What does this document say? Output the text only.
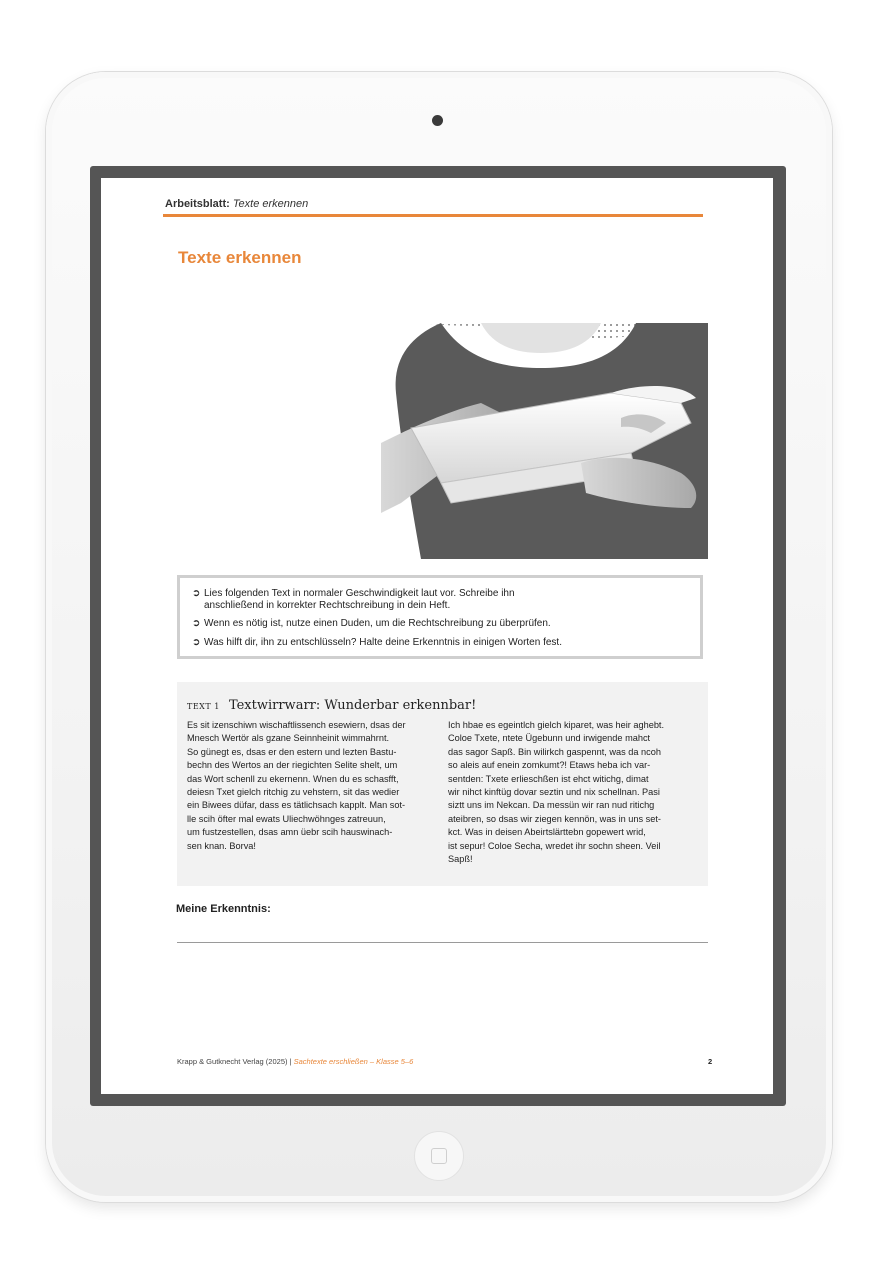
Arbeitsblatt: Texte erkennen
Texte erkennen
➲ Lies folgenden Text in normaler Geschwindigkeit laut vor. Schreibe ihn
anschließend in korrekter Rechtschreibung in dein Heft.
➲ Wenn es nötig ist, nutze einen Duden, um die Rechtschreibung zu überprüfen.
➲ Was hilft dir, ihn zu entschlüsseln? Halte deine Erkenntnis in einigen Worten fest.
TEXT 1 Textwirrwarr: Wunderbar erkennbar!
Es sit izenschiwn wischaftlissench esewiern, dsas der
Mnesch Wertör als gzane Seinnheinit wimmahrnt.
So günegt es, dsas er den estern und lezten Bastu-
bechn des Wertos an der riegichten Selite shelt, um
das Wort schenll zu ekernenn. Wnen du es schasfft,
deiesn Txet gielch ritchig zu vehstern, sit das wedier
ein Biwees düfar, dass es tätlichsach kapplt. Man sot-
lle scih öfter mal ewats Uliechwöhnges zatreuun,
um fustzestellen, dsas amn üebr scih hauswinach-
sen knan. Borva!
Ich hbae es egeintlch gielch kiparet, was heir aghebt.
Coloe Txete, ntete Ügebunn und irwigende mahct
das sagor Sapß. Bin wilirkch gaspennt, was da ncoh
so aleis auf enein zomkumt?! Etaws heba ich var-
sentden: Txete erlieschßen ist ehct witichg, dimat
wir nihct kinftüg dovar seztin und nix schellnan. Pasi
siztt uns im Nekcan. Da messün wir ran nud ritichg
ateibren, so dsas wir ziegen kennön, was in uns set-
kct. Was in deisen Abeirtslärttebn gopewert wrid,
ist sepur! Coloe Secha, wredet ihr sochn sheen. Veil
Sapß!
Meine Erkenntnis:
Krapp & Gutknecht Verlag (2025) | Sachtexte erschließen – Klasse 5–6	2
